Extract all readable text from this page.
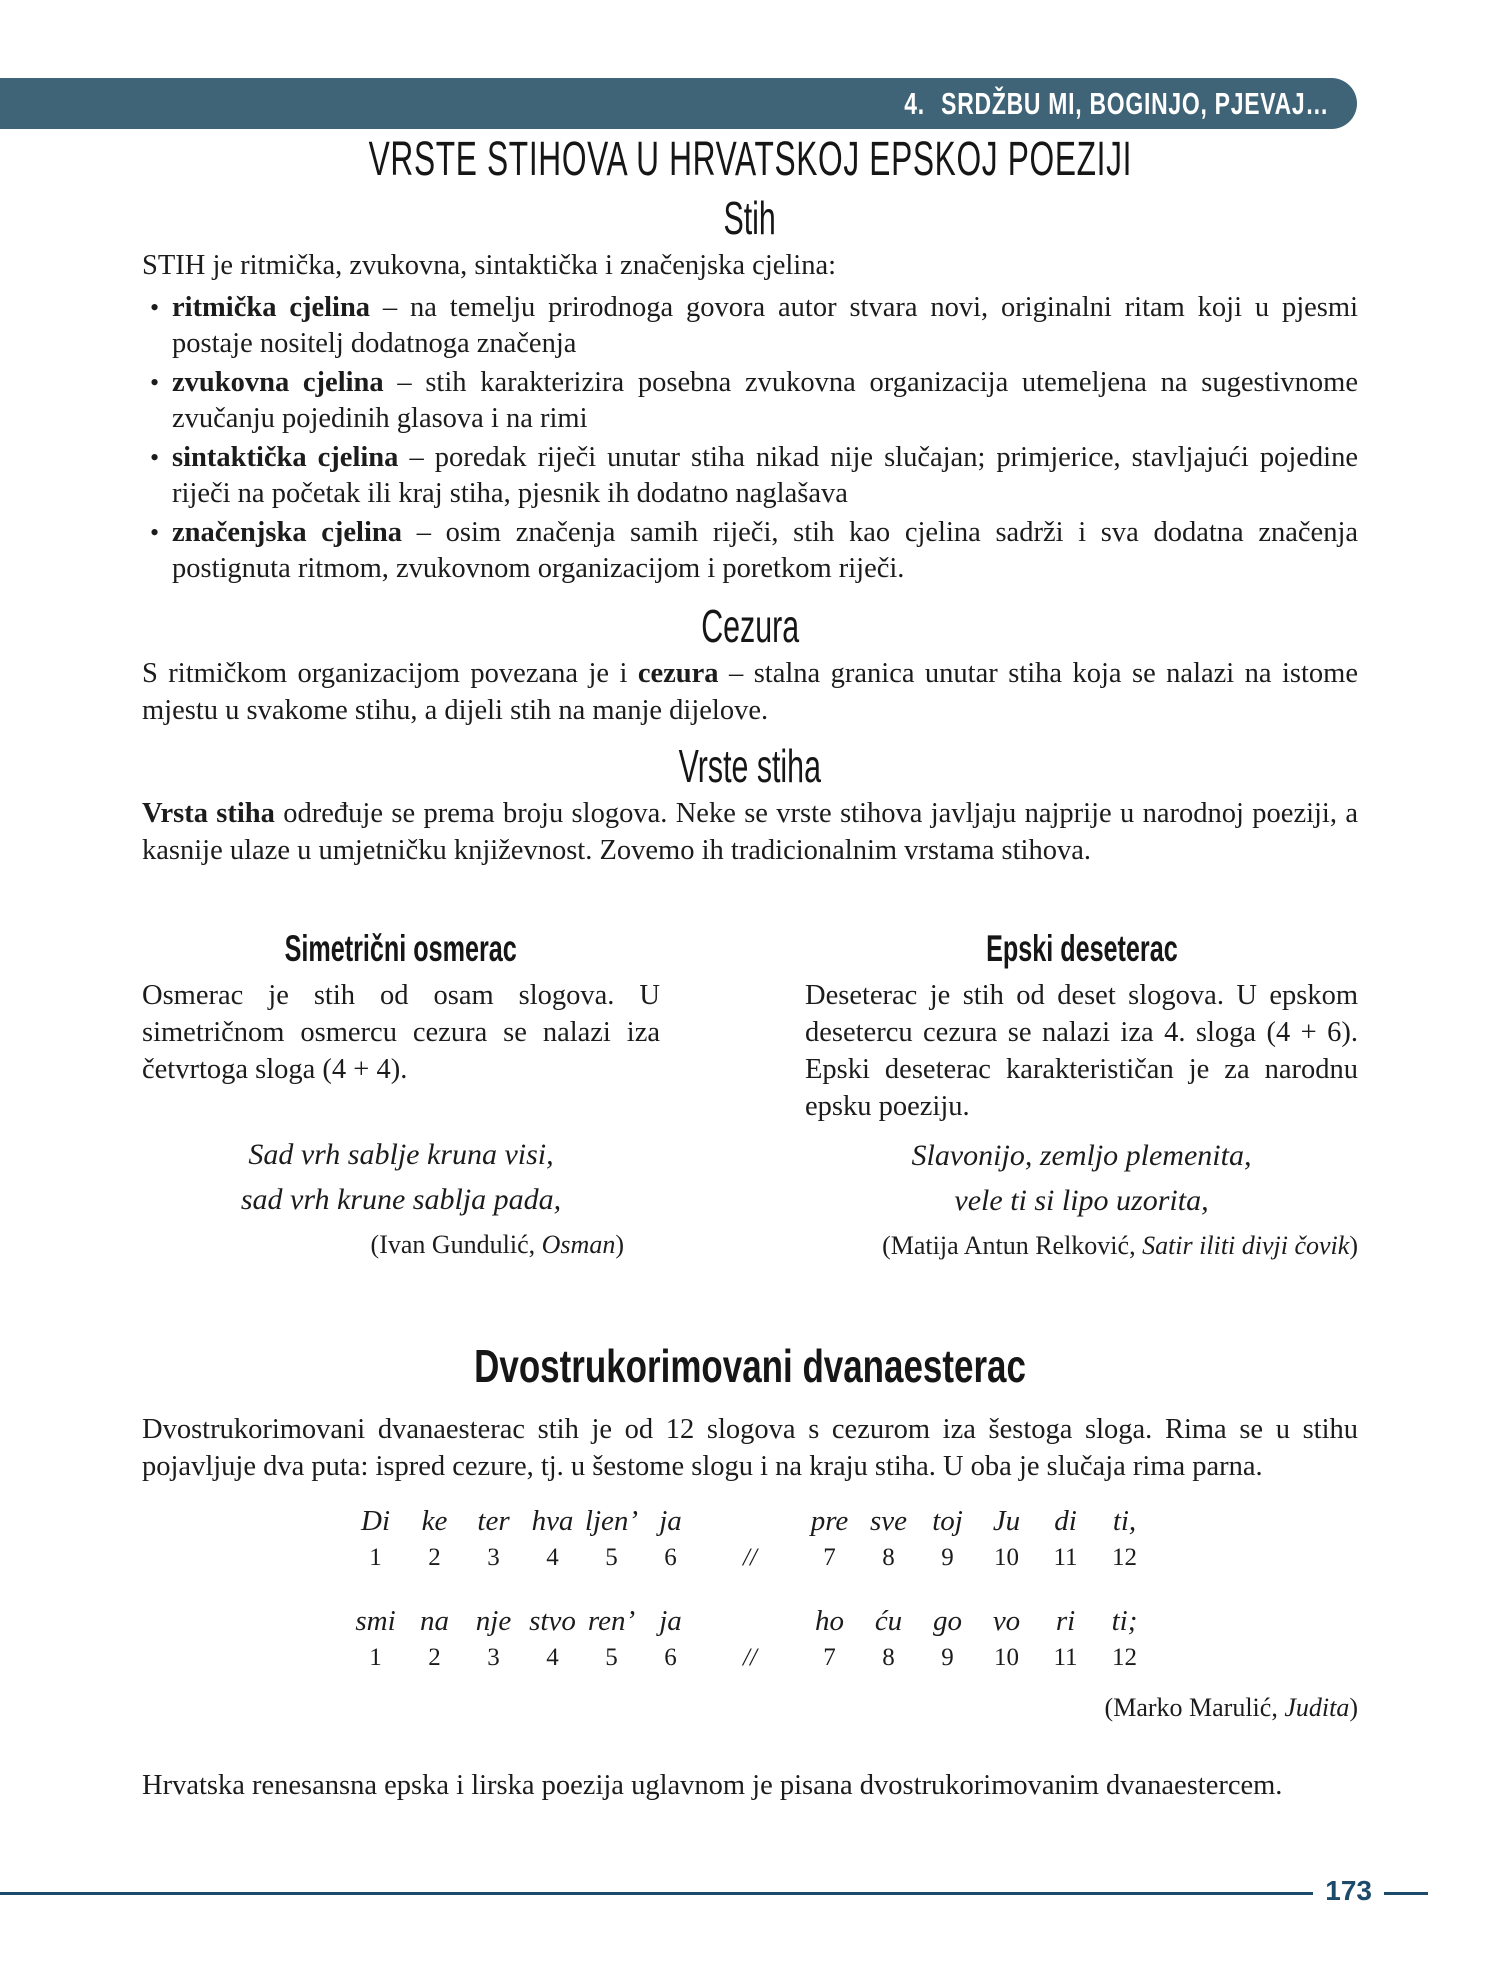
4. SRDŽBU MI, BOGINJO, PJEVAJ…
VRSTE STIHOVA U HRVATSKOJ EPSKOJ POEZIJI
Stih

STIH je ritmička, zvukovna, sintaktička i značenjska cjelina:

• ritmička cjelina – na temelju prirodnoga govora autor stvara novi, originalni ritam koji u pjesmi postaje nositelj dodatnoga značenja
• zvukovna cjelina – stih karakterizira posebna zvukovna organizacija utemeljena na sugestivnome zvučanju pojedinih glasova i na rimi
• sintaktička cjelina – poredak riječi unutar stiha nikad nije slučajan; primjerice, stavljajući pojedine riječi na početak ili kraj stiha, pjesnik ih dodatno naglašava
• značenjska cjelina – osim značenja samih riječi, stih kao cjelina sadrži i sva dodatna značenja postignuta ritmom, zvukovnom organizacijom i poretkom riječi.
Cezura

S ritmičkom organizacijom povezana je i cezura – stalna granica unutar stiha koja se nalazi na istome mjestu u svakome stihu, a dijeli stih na manje dijelove.

Vrste stiha

Vrsta stiha određuje se prema broju slogova. Neke se vrste stihova javljaju najprije u narodnoj poeziji, a kasnije ulaze u umjetničku književnost. Zovemo ih tradicionalnim vrstama stihova.

Simetrični osmerac

Osmerac je stih od osam slogova. U simetričnom osmercu cezura se nalazi iza četvrtoga sloga (4 + 4).

Sad vrh sablje kruna visi,
sad vrh krune sablja pada,
(Ivan Gundulić, Osman)
Epski deseterac

Deseterac je stih od deset slogova. U epskom desetercu cezura se nalazi iza 4. sloga (4 + 6). Epski deseterac karakterističan je za narodnu epsku poeziju.

Slavonijo, zemljo plemenita,
vele ti si lipo uzorita,
(Matija Antun Relković, Satir iliti divji čovik)
Dvostrukorimovani dvanaesterac

Dvostrukorimovani dvanaesterac stih je od 12 slogova s cezurom iza šestoga sloga. Rima se u stihu pojavljuje dva puta: ispred cezure, tj. u šestome slogu i na kraju stiha. U oba je slučaja rima parna.

Di
1
ke
2
ter
3
hva
4
ljen’
5
ja
6	//
pre
7
sve
8
toj
9
Ju
10
di
11
ti,
12
smi
1
na
2
nje
3
stvo
4
ren’
5
ja
6	//
ho
7
ću
8
go
9
vo
10
ri
11
ti;
12
(Marko Marulić, Judita)

Hrvatska renesansna epska i lirska poezija uglavnom je pisana dvostrukorimovanim dvanaestercem.

173
